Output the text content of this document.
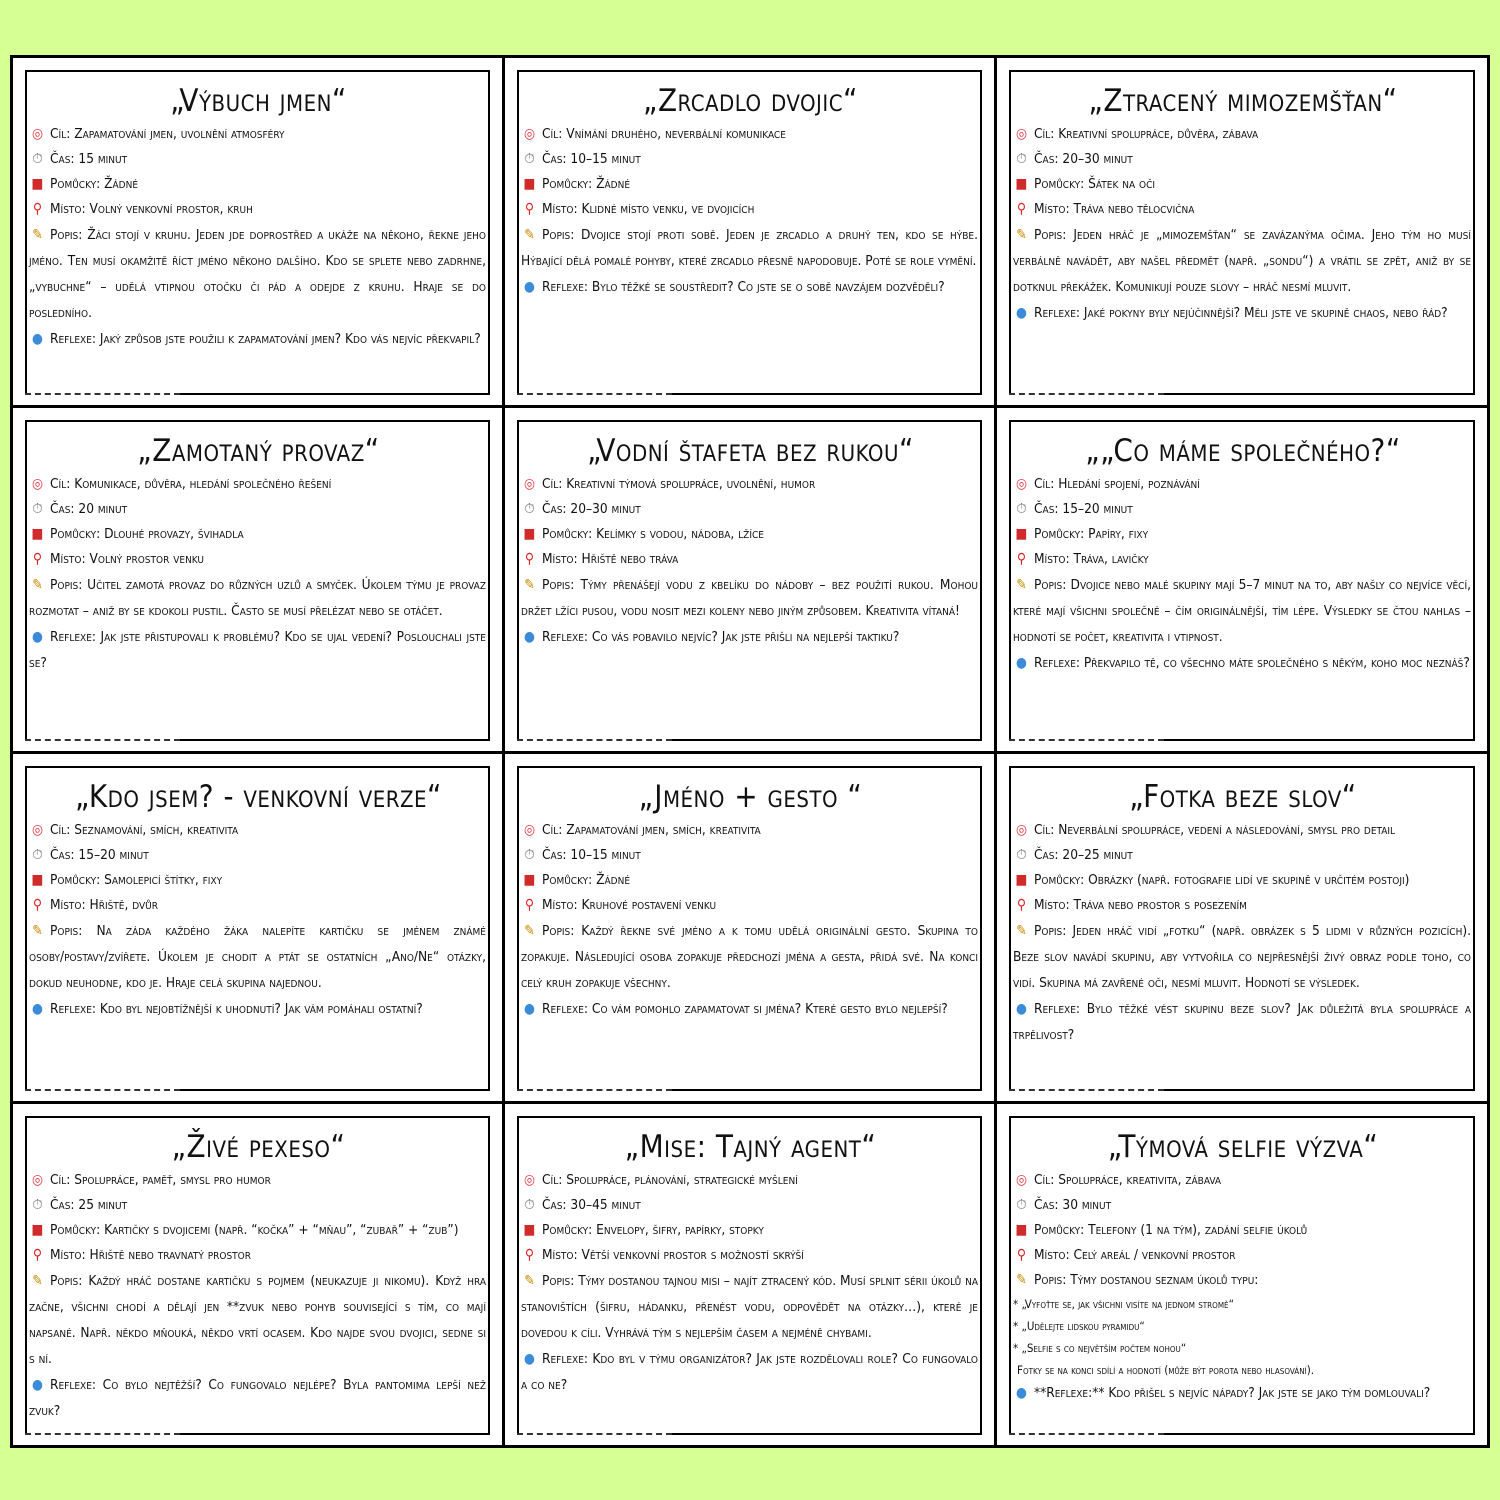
„Výbuch jmen“
◎ Cíl: Zapamatování jmen, uvolnění atmosféry
⏱ Čas: 15 minut
■ Pomůcky: Žádné
⚲ Místo: Volný venkovní prostor, kruh
✎ Popis: Žáci stojí v kruhu. Jeden jde doprostřed a ukáže na někoho, řekne jeho jméno. Ten musí okamžitě říct jméno někoho dalšího. Kdo se splete nebo zadrhne, „vybuchne“ – udělá vtipnou otočku či pád a odejde z kruhu. Hraje se do posledního.
● Reflexe: Jaký způsob jste použili k zapamatování jmen? Kdo vás nejvíc překvapil?
„Zrcadlo dvojic“
◎ Cíl: Vnímání druhého, neverbální komunikace
⏱ Čas: 10–15 minut
■ Pomůcky: Žádné
⚲ Místo: Klidné místo venku, ve dvojicích
✎ Popis: Dvojice stojí proti sobě. Jeden je zrcadlo a druhý ten, kdo se hýbe. Hýbající dělá pomalé pohyby, které zrcadlo přesně napodobuje. Poté se role vymění.
● Reflexe: Bylo těžké se soustředit? Co jste se o sobě navzájem dozvěděli?
„Ztracený mimozemšťan“
◎ Cíl: Kreativní spolupráce, důvěra, zábava
⏱ Čas: 20–30 minut
■ Pomůcky: Šátek na oči
⚲ Místo: Tráva nebo tělocvična
✎ Popis: Jeden hráč je „mimozemšťan“ se zavázanýma očima. Jeho tým ho musí verbálně navádět, aby našel předmět (např. „sondu“) a vrátil se zpět, aniž by se dotknul překážek. Komunikují pouze slovy – hráč nesmí mluvit.
● Reflexe: Jaké pokyny byly nejúčinnější? Měli jste ve skupině chaos, nebo řád?
„Zamotaný provaz“
◎ Cíl: Komunikace, důvěra, hledání společného řešení
⏱ Čas: 20 minut
■ Pomůcky: Dlouhé provazy, švihadla
⚲ Místo: Volný prostor venku
✎ Popis: Učitel zamotá provaz do různých uzlů a smyček. Úkolem týmu je provaz rozmotat – aniž by se kdokoli pustil. Často se musí přelézat nebo se otáčet.
● Reflexe: Jak jste přistupovali k problému? Kdo se ujal vedení? Poslouchali jste se?
„Vodní štafeta bez rukou“
◎ Cíl: Kreativní týmová spolupráce, uvolnění, humor
⏱ Čas: 20–30 minut
■ Pomůcky: Kelímky s vodou, nádoba, lžíce
⚲ Místo: Hřiště nebo tráva
✎ Popis: Týmy přenášejí vodu z kbelíku do nádoby – bez použití rukou. Mohou držet lžíci pusou, vodu nosit mezi koleny nebo jiným způsobem. Kreativita vítaná!
● Reflexe: Co vás pobavilo nejvíc? Jak jste přišli na nejlepší taktiku?
„„Co máme společného?“
◎ Cíl: Hledání spojení, poznávání
⏱ Čas: 15–20 minut
■ Pomůcky: Papíry, fixy
⚲ Místo: Tráva, lavičky
✎ Popis: Dvojice nebo malé skupiny mají 5–7 minut na to, aby našly co nejvíce věcí, které mají všichni společné – čím originálnější, tím lépe. Výsledky se čtou nahlas – hodnotí se počet, kreativita i vtipnost.
● Reflexe: Překvapilo tě, co všechno máte společného s někým, koho moc neznáš?
„Kdo jsem? - venkovní verze“
◎ Cíl: Seznamování, smích, kreativita
⏱ Čas: 15–20 minut
■ Pomůcky: Samolepicí štítky, fixy
⚲ Místo: Hřiště, dvůr
✎ Popis: Na záda každého žáka nalepíte kartičku se jménem známé osoby/postavy/zvířete. Úkolem je chodit a ptát se ostatních „Ano/Ne“ otázky, dokud neuhodne, kdo je. Hraje celá skupina najednou.
● Reflexe: Kdo byl nejobtížnější k uhodnutí? Jak vám pomáhali ostatní?
„Jméno + gesto “
◎ Cíl: Zapamatování jmen, smích, kreativita
⏱ Čas: 10–15 minut
■ Pomůcky: Žádné
⚲ Místo: Kruhové postavení venku
✎ Popis: Každý řekne své jméno a k tomu udělá originální gesto. Skupina to zopakuje. Následující osoba zopakuje předchozí jména a gesta, přidá své. Na konci celý kruh zopakuje všechny.
● Reflexe: Co vám pomohlo zapamatovat si jména? Které gesto bylo nejlepší?
„Fotka beze slov“
◎ Cíl: Neverbální spolupráce, vedení a následování, smysl pro detail
⏱ Čas: 20–25 minut
■ Pomůcky: Obrázky (např. fotografie lidí ve skupině v určitém postoji)
⚲ Místo: Tráva nebo prostor s posezením
✎ Popis: Jeden hráč vidí „fotku“ (např. obrázek s 5 lidmi v různých pozicích). Beze slov navádí skupinu, aby vytvořila co nejpřesnější živý obraz podle toho, co vidí. Skupina má zavřené oči, nesmí mluvit. Hodnotí se výsledek.
● Reflexe: Bylo těžké vést skupinu beze slov? Jak důležitá byla spolupráce a trpělivost?
„Živé pexeso“
◎ Cíl: Spolupráce, paměť, smysl pro humor
⏱ Čas: 25 minut
■ Pomůcky: Kartičky s dvojicemi (např. “kočka” + “mňau”, “zubař” + “zub”)
⚲ Místo: Hřiště nebo travnatý prostor
✎ Popis: Každý hráč dostane kartičku s pojmem (neukazuje ji nikomu). Když hra začne, všichni chodí a dělají jen **zvuk nebo pohyb související s tím, co mají napsané. Např. někdo mňouká, někdo vrtí ocasem. Kdo najde svou dvojici, sedne si s ní.
● Reflexe: Co bylo nejtěžší? Co fungovalo nejlépe? Byla pantomima lepší než zvuk?
„Mise: Tajný agent“
◎ Cíl: Spolupráce, plánování, strategické myšlení
⏱ Čas: 30–45 minut
■ Pomůcky: Envelopy, šifry, papírky, stopky
⚲ Místo: Větší venkovní prostor s možností skrýší
✎ Popis: Týmy dostanou tajnou misi – najít ztracený kód. Musí splnit sérii úkolů na stanovištích (šifru, hádanku, přenést vodu, odpovědět na otázky…), které je dovedou k cíli. Vyhrává tým s nejlepším časem a nejméně chybami.
● Reflexe: Kdo byl v týmu organizátor? Jak jste rozdělovali role? Co fungovalo a co ne?
„Týmová selfie výzva“
◎ Cíl: Spolupráce, kreativita, zábava
⏱ Čas: 30 minut
■ Pomůcky: Telefony (1 na tým), zadání selfie úkolů
⚲ Místo: Celý areál / venkovní prostor
✎ Popis: Týmy dostanou seznam úkolů typu:
* „Vyfoťte se, jak všichni visíte na jednom stromě“
* „Udělejte lidskou pyramidu“
* „Selfie s co největším počtem nohou“
Fotky se na konci sdílí a hodnotí (může být porota nebo hlasování).
● **Reflexe:** Kdo přišel s nejvíc nápady? Jak jste se jako tým domlouvali?
